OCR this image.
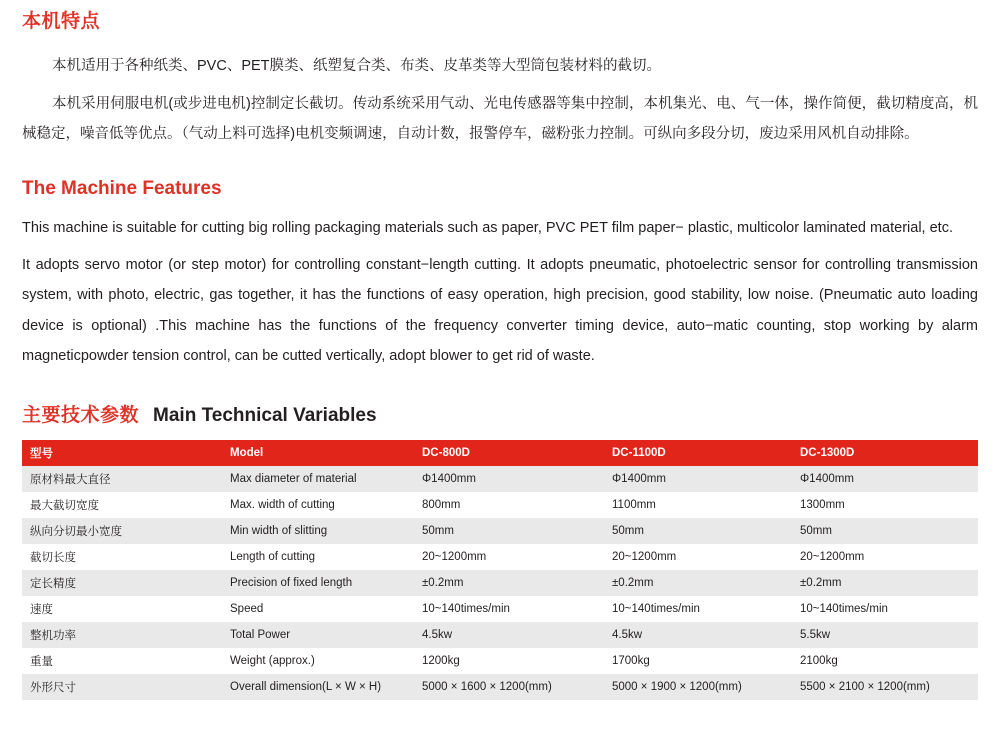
本机特点

本机适用于各种纸类、PVC、PET膜类、纸塑复合类、布类、皮革类等大型筒包装材料的截切。

本机采用伺服电机(或步进电机)控制定长截切。传动系统采用气动、光电传感器等集中控制，本机集光、电、气一体，操作简便，截切精度高，机械稳定，噪音低等优点。（气动上料可选择)电机变频调速，自动计数，报警停车，磁粉张力控制。可纵向多段分切，废边采用风机自动排除。

The Machine Features

This machine is suitable for cutting big rolling packaging materials such as paper, PVC PET film paper− plastic, multicolor laminated material, etc.

It adopts servo motor (or step motor) for controlling constant−length cutting. It adopts pneumatic, photoelectric sensor for controlling transmission system, with photo, electric, gas together, it has the functions of easy operation, high precision, good stability, low noise. (Pneumatic auto loading device is optional) .This machine has the functions of the frequency converter timing device, auto−matic counting, stop working by alarm magneticpowder tension control, can be cutted vertically, adopt blower to get rid of waste.

主要技术参数 Main Technical Variables
型号	Model	DC-800D	DC-1100D	DC-1300D
原材料最大直径	Max diameter of material	Φ1400mm	Φ1400mm	Φ1400mm
最大截切宽度	Max. width of cutting	800mm	1100mm	1300mm
纵向分切最小宽度	Min width of slitting	50mm	50mm	50mm
截切长度	Length of cutting	20~1200mm	20~1200mm	20~1200mm
定长精度	Precision of fixed length	±0.2mm	±0.2mm	±0.2mm
速度	Speed	10~140times/min	10~140times/min	10~140times/min
整机功率	Total Power	4.5kw	4.5kw	5.5kw
重量	Weight (approx.)	1200kg	1700kg	2100kg
外形尺寸	Overall dimension(L × W × H)	5000 × 1600 × 1200(mm)	5000 × 1900 × 1200(mm)	5500 × 2100 × 1200(mm)
